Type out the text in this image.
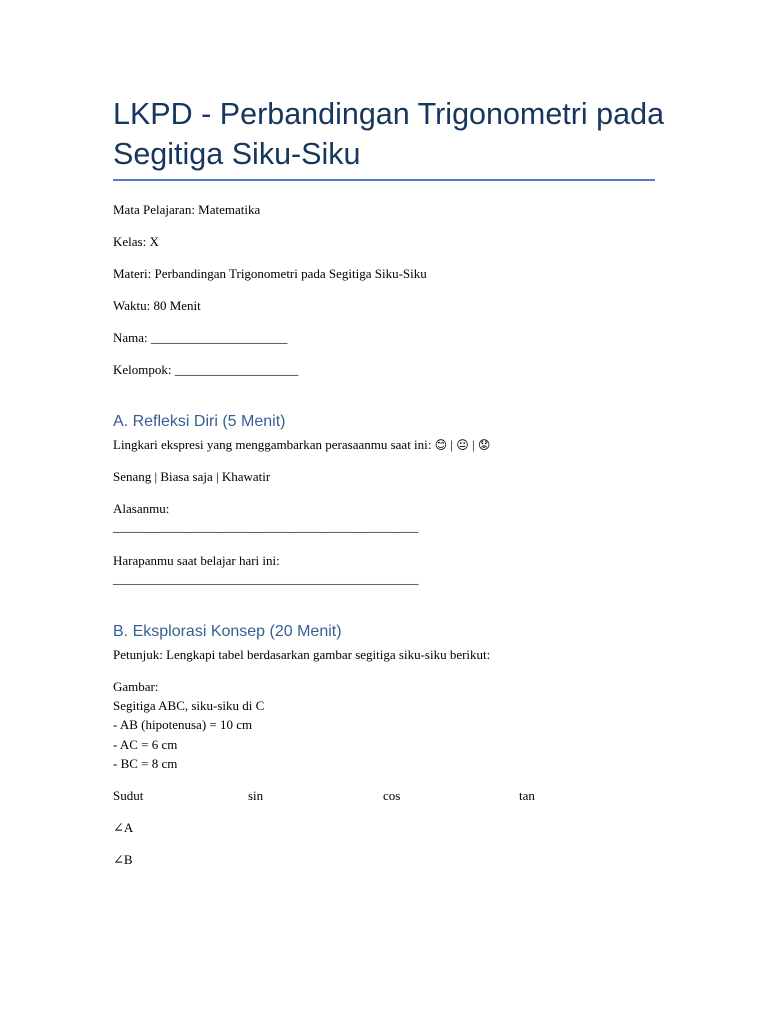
LKPD - Perbandingan Trigonometri pada
Segitiga Siku-Siku
Mata Pelajaran: Matematika
Kelas: X
Materi: Perbandingan Trigonometri pada Segitiga Siku-Siku
Waktu: 80 Menit
Nama: _____________________
Kelompok: ___________________
A. Refleksi Diri (5 Menit)
Lingkari ekspresi yang menggambarkan perasaanmu saat ini: 😊 | 😐 | 😟
Senang | Biasa saja | Khawatir
Alasanmu:
_______________________________________________
Harapanmu saat belajar hari ini:
_______________________________________________
B. Eksplorasi Konsep (20 Menit)
Petunjuk: Lengkapi tabel berdasarkan gambar segitiga siku-siku berikut:
Gambar:
Segitiga ABC, siku-siku di C
- AB (hipotenusa) = 10 cm
- AC = 6 cm
- BC = 8 cm
Sudut	sin	cos	tan
∠A
∠B
